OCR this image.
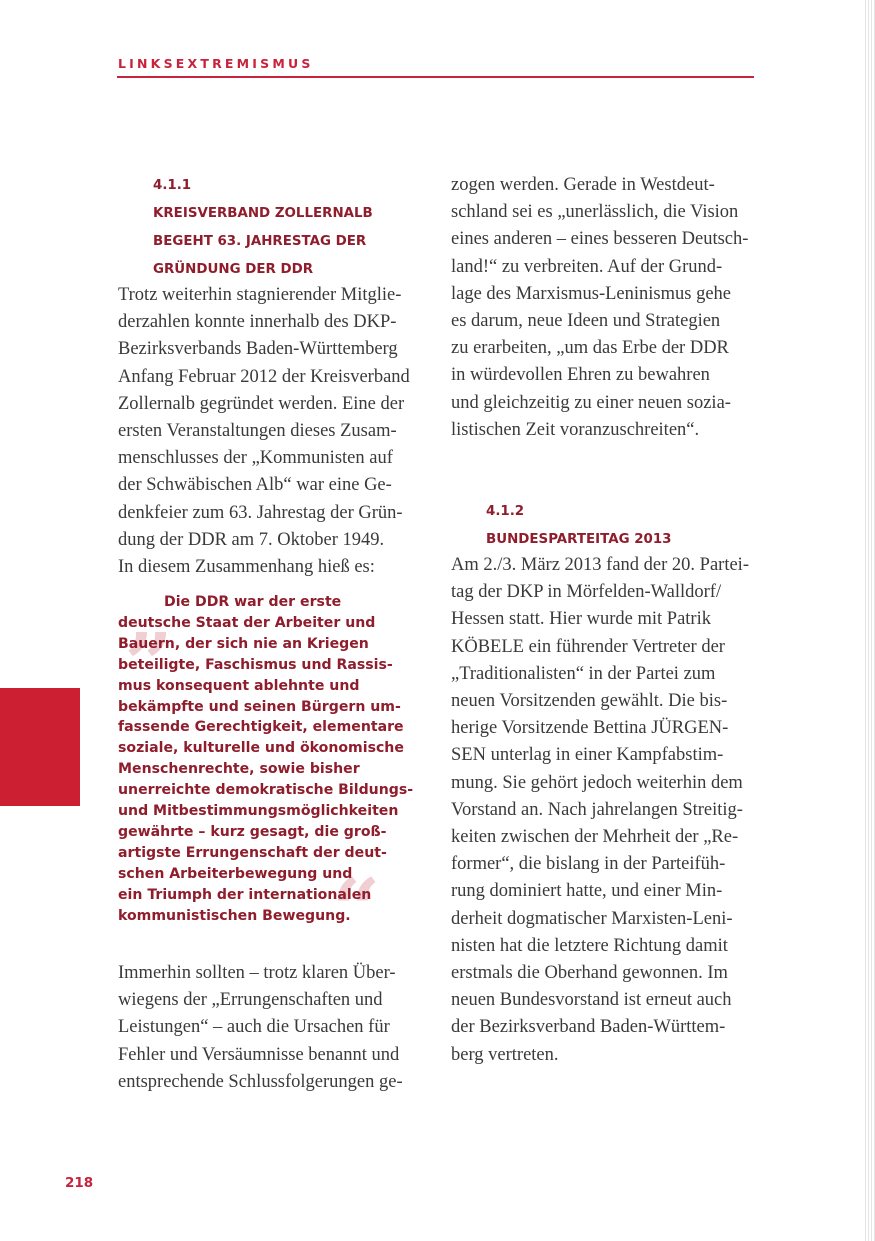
LINKSEXTREMISMUS
4.1.1
KREISVERBAND ZOLLERNALB
BEGEHT 63. JAHRESTAG DER
GRÜNDUNG DER DDR

Trotz weiterhin stagnierender Mitglie-

derzahlen konnte innerhalb des DKP-

Bezirksverbands Baden-Württemberg

Anfang Februar 2012 der Kreisverband

Zollernalb gegründet werden. Eine der

ersten Veranstaltungen dieses Zusam-

menschlusses der „Kommunisten auf

der Schwäbischen Alb“ war eine Ge-

denkfeier zum 63. Jahrestag der Grün-

dung der DDR am 7. Oktober 1949.

In diesem Zusammenhang hieß es:

„
“
Die DDR war der erste
deutsche Staat der Arbeiter und
Bauern, der sich nie an Kriegen
beteiligte, Faschismus und Rassis-
mus konsequent ablehnte und
bekämpfte und seinen Bürgern um-
fassende Gerechtigkeit, elementare
soziale, kulturelle und ökonomische
Menschenrechte, sowie bisher
unerreichte demokratische Bildungs-
und Mitbestimmungsmöglichkeiten
gewährte – kurz gesagt, die groß-
artigste Errungenschaft der deut-
schen Arbeiterbewegung und
ein Triumph der internationalen
kommunistischen Bewegung.

Immerhin sollten – trotz klaren Über-

wiegens der „Errungenschaften und

Leistungen“ – auch die Ursachen für

Fehler und Versäumnisse benannt und

entsprechende Schlussfolgerungen ge-

zogen werden. Gerade in Westdeut-

schland sei es „unerlässlich, die Vision

eines anderen – eines besseren Deutsch-

land!“ zu verbreiten. Auf der Grund-

lage des Marxismus-Leninismus gehe

es darum, neue Ideen und Strategien

zu erarbeiten, „um das Erbe der DDR

in würdevollen Ehren zu bewahren

und gleichzeitig zu einer neuen sozia-

listischen Zeit voranzuschreiten“.

4.1.2
BUNDESPARTEITAG 2013

Am 2./3. März 2013 fand der 20. Partei-

tag der DKP in Mörfelden-Walldorf/

Hessen statt. Hier wurde mit Patrik

KÖBELE ein führender Vertreter der

„Traditionalisten“ in der Partei zum

neuen Vorsitzenden gewählt. Die bis-

herige Vorsitzende Bettina JÜRGEN-

SEN unterlag in einer Kampfabstim-

mung. Sie gehört jedoch weiterhin dem

Vorstand an. Nach jahrelangen Streitig-

keiten zwischen der Mehrheit der „Re-

former“, die bislang in der Parteifüh-

rung dominiert hatte, und einer Min-

derheit dogmatischer Marxisten-Leni-

nisten hat die letztere Richtung damit

erstmals die Oberhand gewonnen. Im

neuen Bundesvorstand ist erneut auch

der Bezirksverband Baden-Württem-

berg vertreten.

218
